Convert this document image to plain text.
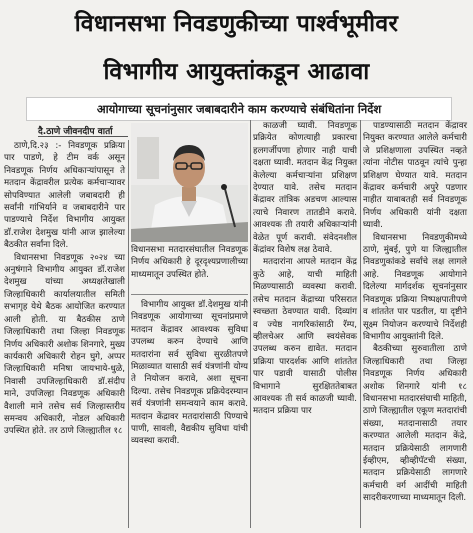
विधानसभा निवडणुकीच्या पार्श्वभूमीवर
विभागीय आयुक्तांकडून आढावा
आयोगाच्या सूचनांनुसार जबाबदारीने काम करण्याचे संबंधितांना निर्देश
दै.ठाणे जीवनदीप वार्ता

ठाणे,दि.२३ :- निवडणूक प्रक्रिया पार पाडणे, हे टीम वर्क असून निवडणूक निर्णय अधिकाऱ्यांपासून ते मतदान केंद्रावरील प्रत्येक कर्मचाऱ्यावर सोपविण्यात आलेली जबाबदारी ही सर्वांनी गांभिर्याने व जबाबदारीने पार पाडण्याचे निर्देश विभागीय आयुक्त डॉ.राजेश देशमुख यांनी आज झालेल्या बैठकीत सर्वांना दिले.

विधानसभा निवडणूक २०२४ च्या अनुषंगाने विभागीय आयुक्त डॉ.राजेश देशमुख यांच्या अध्यक्षतेखाली जिल्हाधिकारी कार्यालयातील समिती सभागृह येथे बैठक आयोजित करण्यात आली होती. या बैठकीस ठाणे जिल्हाधिकारी तथा जिल्हा निवडणूक निर्णय अधिकारी अशोक शिनगारे, मुख्य कार्यकारी अधिकारी रोहन घुगे, अप्पर जिल्हाधिकारी मनिषा जायभाये-धुळे, निवासी उपजिल्हाधिकारी डॉ.संदीप माने, उपजिल्हा निवडणूक अधिकारी वैशाली माने तसेच सर्व जिल्हास्तरीय समन्वय अधिकारी, नोडल अधिकारी उपस्थित होते. तर ठाणे जिल्ह्यातील १८

विधानसभा मतदारसंघातील निवडणूक निर्णय अधिकारी हे दूरदृश्यप्रणालीच्या माध्यमातून उपस्थित होते.

विभागीय आयुक्त डॉ.देशमुख यांनी निवडणूक आयोगाच्या सूचनांप्रमाणे मतदान केंद्रावर आवश्यक सुविधा उपलब्ध करुन देण्याचे आणि मतदारांना सर्व सुविधा सुरळीतपणे मिळाव्यात यासाठी सर्व यंत्रणांनी योग्य ते नियोजन करावे, अशा सूचना दिल्या. तसेच निवडणूक प्रक्रियेदरम्यान सर्व यंत्रणांनी समन्वयाने काम करावे. मतदान केंद्रावर मतदारांसाठी पिण्याचे पाणी, सावली, वैद्यकीय सुविधा यांची व्यवस्था करावी.

काळजी घ्यावी. निवडणूक प्रक्रियेत कोणत्याही प्रकारचा हलगर्जीपणा होणार नाही याची दक्षता घ्यावी. मतदान केंद्र नियुक्त केलेल्या कर्मचाऱ्यांना प्रशिक्षण देण्यात यावे. तसेच मतदान केंद्रावर तांत्रिक अडचण आल्यास त्याचे निवारण तातडीने करावे. आवश्यक ती तयारी अधिकाऱ्यांनी वेळेत पूर्ण करावी. संवेदनशील केंद्रांवर विशेष लक्ष ठेवावे.

मतदारांना आपले मतदान केंद्र कुठे आहे, याची माहिती मिळण्यासाठी व्यवस्था करावी. तसेच मतदान केंद्राच्या परिसरात स्वच्छता ठेवण्यात यावी. दिव्यांग व ज्येष्ठ नागरिकांसाठी रॅम्प, व्हीलचेअर आणि स्वयंसेवक उपलब्ध करुन द्यावेत. मतदान प्रक्रिया पारदर्शक आणि शांततेत पार पडावी यासाठी पोलीस विभागाने सुरक्षिततेबाबत आवश्यक ती सर्व काळजी घ्यावी. मतदान प्रक्रिया पार

पाडण्यासाठी मतदान केंद्रावर नियुक्त करण्यात आलेले कर्मचारी जे प्रशिक्षणाला उपस्थित नव्हते त्यांना नोटीस पाठवून त्यांचे पुन्हा प्रशिक्षण घेण्यात यावे. मतदान केंद्रावर कर्मचारी अपुरे पडणार नाहीत याबाबतही सर्व निवडणूक निर्णय अधिकारी यांनी दक्षता घ्यावी.

विधानसभा निवडणुकीमध्ये ठाणे, मुंबई, पुणे या जिल्ह्यातील निवडणुकांकडे सर्वांचे लक्ष लागले आहे. निवडणूक आयोगाने दिलेल्या मार्गदर्शक सूचनांनुसार निवडणूक प्रक्रिया निष्पक्षपातीपणे व शांततेत पार पडतील, या दृष्टीने सूक्ष्म नियोजन करण्याचे निर्देशही विभागीय आयुक्तांनी दिले.

बैठकीच्या सुरुवातीला ठाणे जिल्हाधिकारी तथा जिल्हा निवडणूक निर्णय अधिकारी अशोक शिनगारे यांनी १८ विधानसभा मतदारसंघाची माहिती, ठाणे जिल्ह्यातील एकूण मतदारांची संख्या, मतदानासाठी तयार करण्यात आलेली मतदान केंद्रे, मतदान प्रक्रियेसाठी लागणारी ईव्हीएम, व्हीव्हीपॅटची संख्या, मतदान प्रक्रियेसाठी लागणारे कर्मचारी वर्ग आदींची माहिती सादरीकरणाच्या माध्यमातून दिली.
